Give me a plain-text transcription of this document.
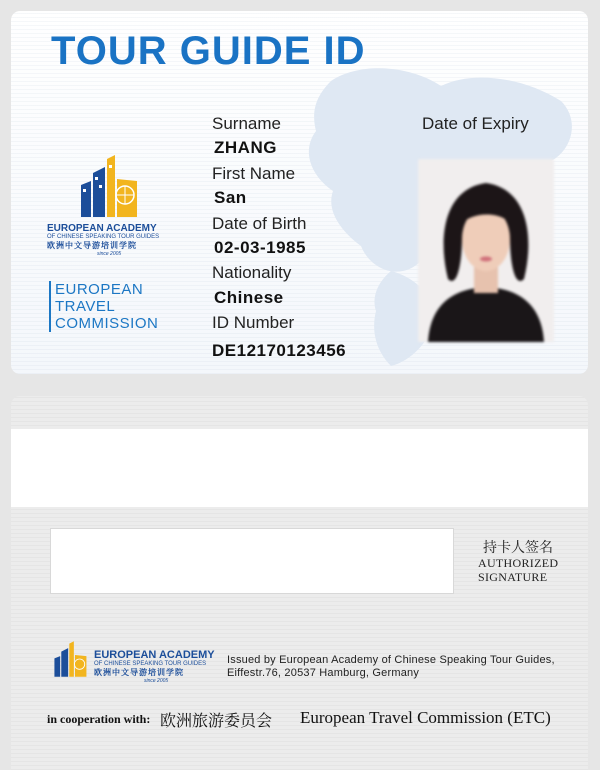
TOUR GUIDE ID
EUROPEAN ACADEMY
OF CHINESE SPEAKING TOUR GUIDES
欧洲中文导游培训学院
since 2005
EUROPEAN
TRAVEL
COMMISSION
Surname
ZHANG
First Name
San
Date of Birth
02-03-1985
Nationality
Chinese
ID Number
DE12170123456
Date of Expiry
持卡人签名
AUTHORIZED
SIGNATURE
EUROPEAN ACADEMY
OF CHINESE SPEAKING TOUR GUIDES
欧洲中文导游培训学院
since 2005
Issued by European Academy of Chinese Speaking Tour Guides,
Eiffestr.76, 20537 Hamburg, Germany
in cooperation with: 欧洲旅游委员会 European Travel Commission (ETC)
